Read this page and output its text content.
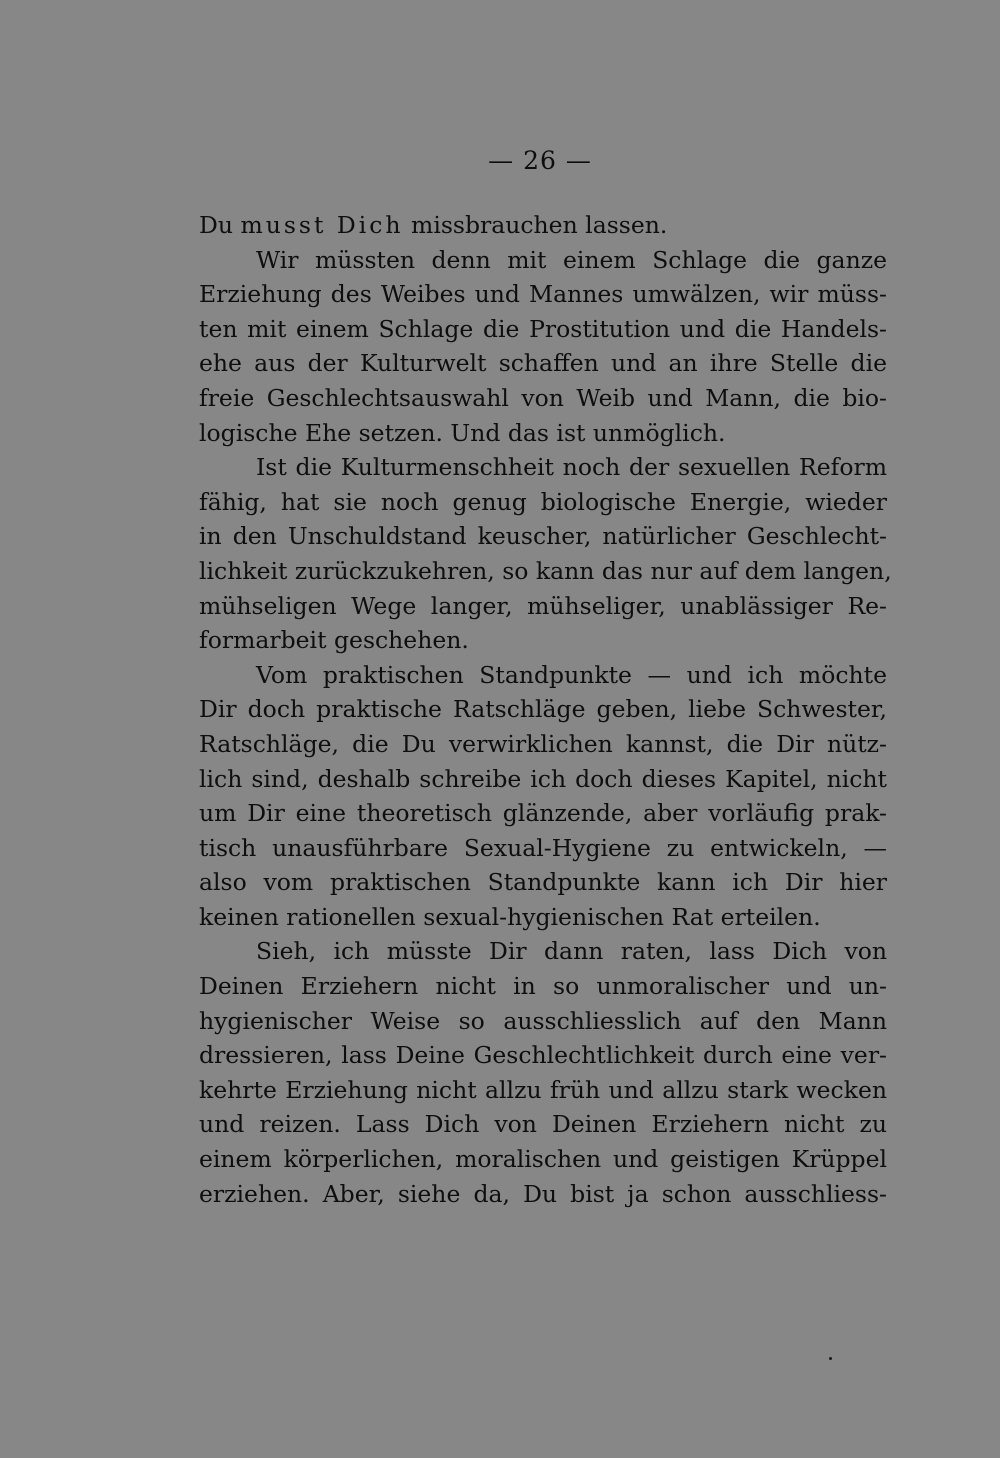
— 26 —
Du musst Dich missbrauchen lassen.
Wir müssten denn mit einem Schlage die ganze
Erziehung des Weibes und Mannes umwälzen, wir müss-
ten mit einem Schlage die Prostitution und die Handels-
ehe aus der Kulturwelt schaffen und an ihre Stelle die
freie Geschlechtsauswahl von Weib und Mann, die bio-
logische Ehe setzen. Und das ist unmöglich.
Ist die Kulturmenschheit noch der sexuellen Reform
fähig, hat sie noch genug biologische Energie, wieder
in den Unschuldstand keuscher, natürlicher Geschlecht-
lichkeit zurückzukehren, so kann das nur auf dem langen,
mühseligen Wege langer, mühseliger, unablässiger Re-
formarbeit geschehen.
Vom praktischen Standpunkte — und ich möchte
Dir doch praktische Ratschläge geben, liebe Schwester,
Ratschläge, die Du verwirklichen kannst, die Dir nütz-
lich sind, deshalb schreibe ich doch dieses Kapitel, nicht
um Dir eine theoretisch glänzende, aber vorläufig prak-
tisch unausführbare Sexual-Hygiene zu entwickeln, —
also vom praktischen Standpunkte kann ich Dir hier
keinen rationellen sexual-hygienischen Rat erteilen.
Sieh, ich müsste Dir dann raten, lass Dich von
Deinen Erziehern nicht in so unmoralischer und un-
hygienischer Weise so ausschliesslich auf den Mann
dressieren, lass Deine Geschlechtlichkeit durch eine ver-
kehrte Erziehung nicht allzu früh und allzu stark wecken
und reizen. Lass Dich von Deinen Erziehern nicht zu
einem körperlichen, moralischen und geistigen Krüppel
erziehen. Aber, siehe da, Du bist ja schon ausschliess-
